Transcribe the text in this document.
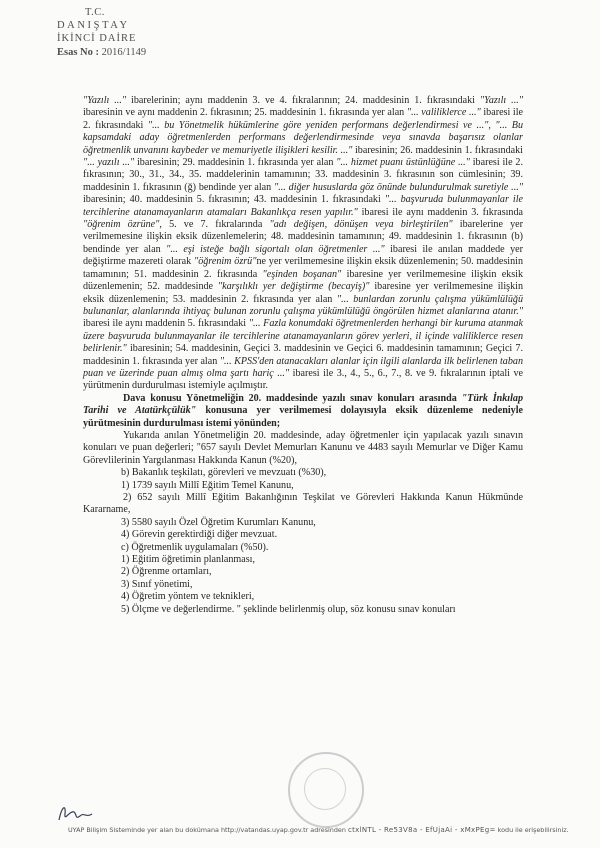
T.C.
DANIŞTAY
İKİNCİ DAİRE
Esas No : 2016/1149

"Yazılı ..." ibarelerinin; aynı maddenin 3. ve 4. fıkralarının; 24. maddesinin 1. fıkrasındaki "Yazılı ..." ibaresinin ve aynı maddenin 2. fıkrasının; 25. maddesinin 1. fıkrasında yer alan "... valiliklerce ..." ibaresi ile 2. fıkrasındaki "... bu Yönetmelik hükümlerine göre yeniden performans değerlendirmesi ve ...", "... Bu kapsamdaki aday öğretmenlerden performans değerlendirmesinde veya sınavda başarısız olanlar öğretmenlik unvanını kaybeder ve memuriyetle ilişikleri kesilir. ..." ibaresinin; 26. maddesinin 1. fıkrasındaki "... yazılı ..." ibaresinin; 29. maddesinin 1. fıkrasında yer alan "... hizmet puanı üstünlüğüne ..." ibaresi ile 2. fıkrasının; 30., 31., 34., 35. maddelerinin tamamının; 33. maddesinin 3. fıkrasının son cümlesinin; 39. maddesinin 1. fıkrasının (ğ) bendinde yer alan "... diğer hususlarda göz önünde bulundurulmak suretiyle ..." ibaresinin; 40. maddesinin 5. fıkrasının; 43. maddesinin 1. fıkrasındaki "... başvuruda bulunmayanlar ile tercihlerine atanamayanların atamaları Bakanlıkça resen yapılır." ibaresi ile aynı maddenin 3. fıkrasında "öğrenim özrüne", 5. ve 7. fıkralarında "adı değişen, dönüşen veya birleştirilen" ibarelerine yer verilmemesine ilişkin eksik düzenlemelerin; 48. maddesinin tamamının; 49. maddesinin 1. fıkrasının (b) bendinde yer alan "... eşi isteğe bağlı sigortalı olan öğretmenler ..." ibaresi ile anılan maddede yer değiştirme mazereti olarak "öğrenim özrü"ne yer verilmemesine ilişkin eksik düzenlemenin; 50. maddesinin tamamının; 51. maddesinin 2. fıkrasında "eşinden boşanan" ibaresine yer verilmemesine ilişkin eksik düzenlemenin; 52. maddesinde "karşılıklı yer değiştirme (becayiş)" ibaresine yer verilmemesine ilişkin eksik düzenlemenin; 53. maddesinin 2. fıkrasında yer alan "... bunlardan zorunlu çalışma yükümlülüğü bulunanlar, alanlarında ihtiyaç bulunan zorunlu çalışma yükümlülüğü öngörülen hizmet alanlarına atanır." ibaresi ile aynı maddenin 5. fıkrasındaki "... Fazla konumdaki öğretmenlerden herhangi bir kuruma atanmak üzere başvuruda bulunmayanlar ile tercihlerine atanamayanların görev yerleri, il içinde valiliklerce resen belirlenir." ibaresinin; 54. maddesinin, Geçici 3. maddesinin ve Geçici 6. maddesinin tamamının; Geçici 7. maddesinin 1. fıkrasında yer alan "... KPSS'den atanacakları alanlar için ilgili alanlarda ilk belirlenen taban puan ve üzerinde puan almış olma şartı hariç ..." ibaresi ile 3., 4., 5., 6., 7., 8. ve 9. fıkralarının iptali ve yürütmenin durdurulması istemiyle açılmıştır.

Dava konusu Yönetmeliğin 20. maddesinde yazılı sınav konuları arasında "Türk İnkılap Tarihi ve Atatürkçülük" konusuna yer verilmemesi dolayısıyla eksik düzenleme nedeniyle yürütmesinin durdurulması istemi yönünden;

Yukarıda anılan Yönetmeliğin 20. maddesinde, aday öğretmenler için yapılacak yazılı sınavın konuları ve puan değerleri; "657 sayılı Devlet Memurları Kanunu ve 4483 sayılı Memurlar ve Diğer Kamu Görevlilerinin Yargılanması Hakkında Kanun (%20),

b) Bakanlık teşkilatı, görevleri ve mevzuatı (%30),

1) 1739 sayılı Millî Eğitim Temel Kanunu,

2) 652 sayılı Millî Eğitim Bakanlığının Teşkilat ve Görevleri Hakkında Kanun Hükmünde Kararname,

3) 5580 sayılı Özel Öğretim Kurumları Kanunu,

4) Görevin gerektirdiği diğer mevzuat.

c) Öğretmenlik uygulamaları (%50).

1) Eğitim öğretimin planlanması,

2) Öğrenme ortamları,

3) Sınıf yönetimi,

4) Öğretim yöntem ve teknikleri,

5) Ölçme ve değerlendirme. " şeklinde belirlenmiş olup, söz konusu sınav konuları

UYAP Bilişim Sisteminde yer alan bu dokümana http://vatandas.uyap.gov.tr adresinden ctxlNTL - Re53V8a - EfUjaAi - xMxPEg= kodu ile erişebilirsiniz.
